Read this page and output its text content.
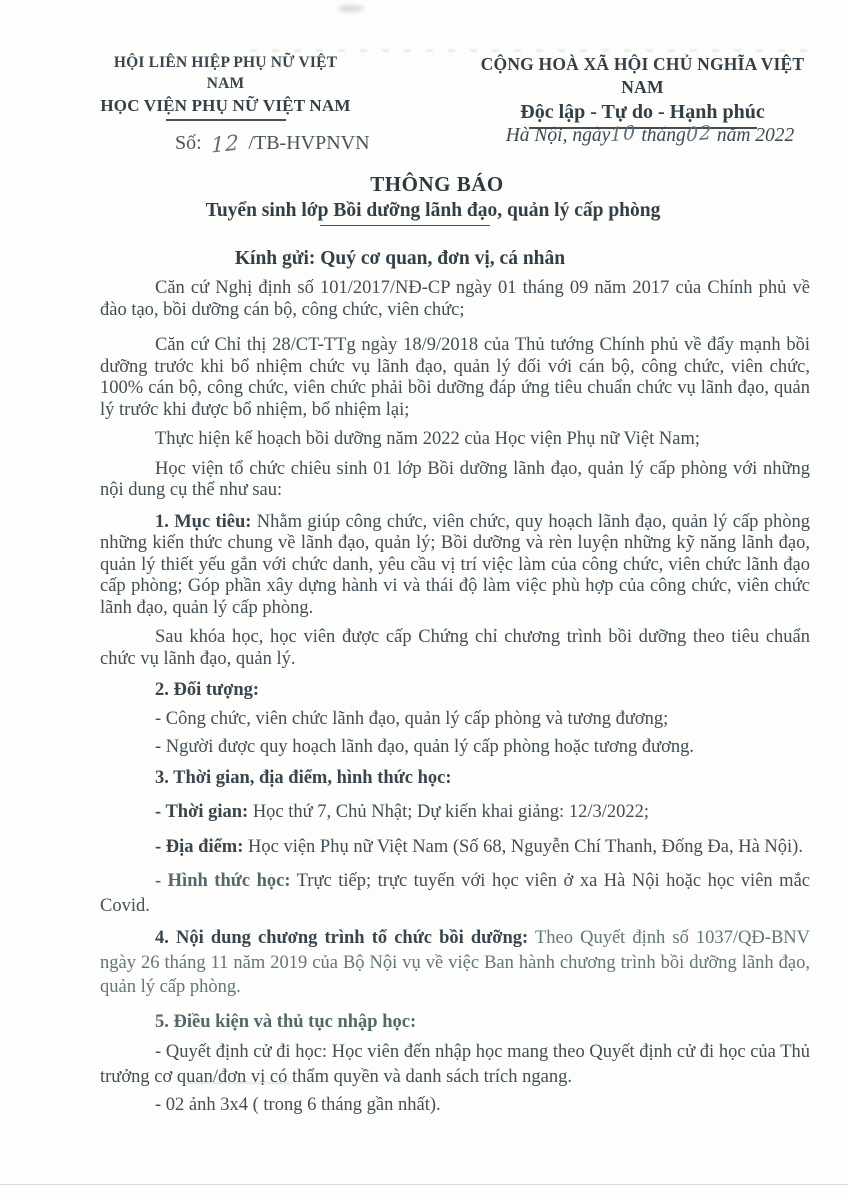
HỘI LIÊN HIỆP PHỤ NỮ VIỆT NAM
HỌC VIỆN PHỤ NỮ VIỆT NAM
Số: 12 /TB-HVPNVN
CỘNG HOÀ XÃ HỘI CHỦ NGHĨA VIỆT NAM
Độc lập - Tự do - Hạnh phúc
Hà Nội, ngày10 tháng02 năm 2022
THÔNG BÁO
Tuyển sinh lớp Bồi dưỡng lãnh đạo, quản lý cấp phòng
Kính gửi: Quý cơ quan, đơn vị, cá nhân

Căn cứ Nghị định số 101/2017/NĐ-CP ngày 01 tháng 09 năm 2017 của Chính phủ về đào tạo, bồi dưỡng cán bộ, công chức, viên chức;

Căn cứ Chỉ thị 28/CT-TTg ngày 18/9/2018 của Thủ tướng Chính phủ về đẩy mạnh bồi dưỡng trước khi bổ nhiệm chức vụ lãnh đạo, quản lý đối với cán bộ, công chức, viên chức, 100% cán bộ, công chức, viên chức phải bồi dưỡng đáp ứng tiêu chuẩn chức vụ lãnh đạo, quản lý trước khi được bổ nhiệm, bổ nhiệm lại;

Thực hiện kế hoạch bồi dưỡng năm 2022 của Học viện Phụ nữ Việt Nam;

Học viện tổ chức chiêu sinh 01 lớp Bồi dưỡng lãnh đạo, quản lý cấp phòng với những nội dung cụ thể như sau:

1. Mục tiêu: Nhằm giúp công chức, viên chức, quy hoạch lãnh đạo, quản lý cấp phòng những kiến thức chung về lãnh đạo, quản lý; Bồi dưỡng và rèn luyện những kỹ năng lãnh đạo, quản lý thiết yếu gắn với chức danh, yêu cầu vị trí việc làm của công chức, viên chức lãnh đạo cấp phòng; Góp phần xây dựng hành vi và thái độ làm việc phù hợp của công chức, viên chức lãnh đạo, quản lý cấp phòng.

Sau khóa học, học viên được cấp Chứng chỉ chương trình bồi dưỡng theo tiêu chuẩn chức vụ lãnh đạo, quản lý.

2. Đối tượng:

- Công chức, viên chức lãnh đạo, quản lý cấp phòng và tương đương;

- Người được quy hoạch lãnh đạo, quản lý cấp phòng hoặc tương đương.

3. Thời gian, địa điểm, hình thức học:

- Thời gian: Học thứ 7, Chủ Nhật; Dự kiến khai giảng: 12/3/2022;

- Địa điểm: Học viện Phụ nữ Việt Nam (Số 68, Nguyễn Chí Thanh, Đống Đa, Hà Nội).

- Hình thức học: Trực tiếp; trực tuyến với học viên ở xa Hà Nội hoặc học viên mắc Covid.

4. Nội dung chương trình tổ chức bồi dưỡng: Theo Quyết định số 1037/QĐ-BNV ngày 26 tháng 11 năm 2019 của Bộ Nội vụ về việc Ban hành chương trình bồi dưỡng lãnh đạo, quản lý cấp phòng.

5. Điều kiện và thủ tục nhập học:

- Quyết định cử đi học: Học viên đến nhập học mang theo Quyết định cử đi học của Thủ trưởng cơ quan/đơn vị có thẩm quyền và danh sách trích ngang.

- 02 ảnh 3x4 ( trong 6 tháng gần nhất).
